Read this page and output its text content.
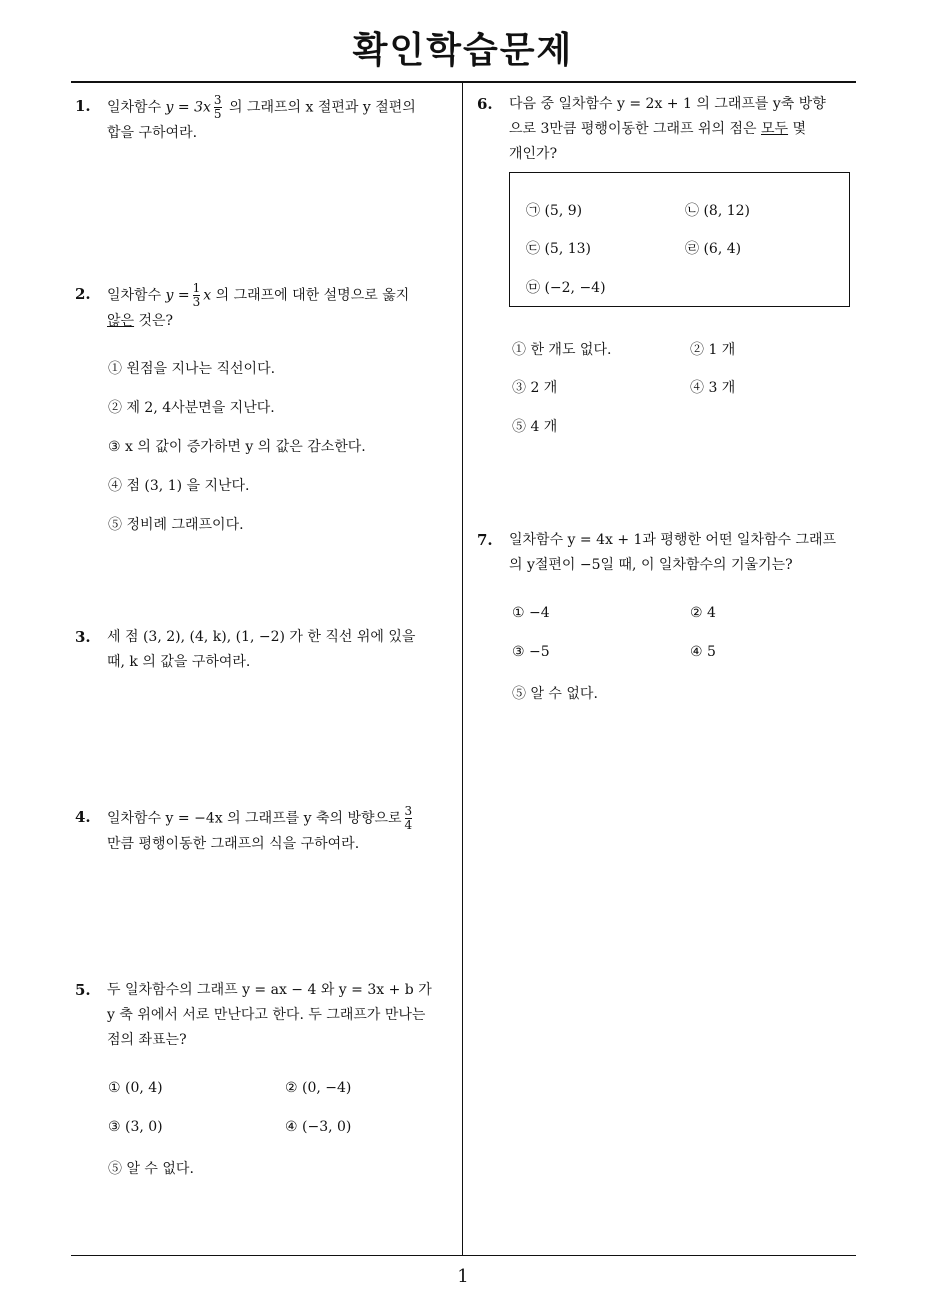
확인학습문제
1
1. 일차함수 $y = 3x \frac{3}{5}$ 의 그래프의 x 절편과 y 절편의
합을 구하여라.
2. 일차함수 $y = \frac{1}{3}$ x 의 그래프에 대한 설명으로 옳지
않은 것은?
① 원점을 지나는 직선이다.
② 제 2, 4사분면을 지난다.
③ x 의 값이 증가하면 y 의 값은 감소한다.
④ 점 (3, 1) 을 지난다.
⑤ 정비례 그래프이다.
3. 세 점 (3, 2), (4, k), (1, −2) 가 한 직선 위에 있을
때, k 의 값을 구하여라.
4. 일차함수 y = −4x 의 그래프를 y 축의 방향으로 $\frac{3}{4}$
만큼 평행이동한 그래프의 식을 구하여라.
5. 두 일차함수의 그래프 y = ax − 4 와 y = 3x + b 가
y 축 위에서 서로 만난다고 한다. 두 그래프가 만나는
점의 좌표는?
① (0, 4)	② (0, −4)
③ (3, 0)	④ (−3, 0)
⑤ 알 수 없다.
6. 다음 중 일차함수 y = 2x + 1 의 그래프를 y축 방향
으로 3만큼 평행이동한 그래프 위의 점은 모두 몇
개인가?
㉠ (5, 9)	㉡ (8, 12)
㉢ (5, 13)	㉣ (6, 4)
㉤ (−2, −4)
① 한 개도 없다.	② 1 개
③ 2 개	④ 3 개
⑤ 4 개
7. 일차함수 y = 4x + 1과 평행한 어떤 일차함수 그래프
의 y절편이 −5일 때, 이 일차함수의 기울기는?
① −4	② 4
③ −5	④ 5
⑤ 알 수 없다.
